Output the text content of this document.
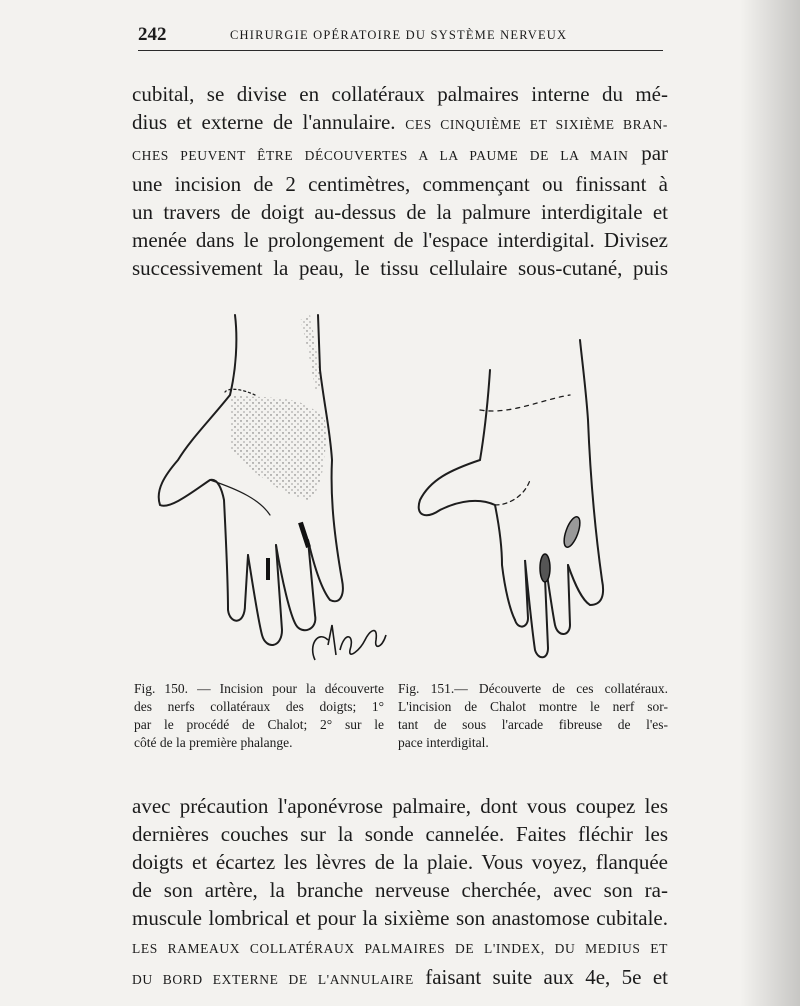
242	CHIRURGIE OPÉRATOIRE DU SYSTÈME NERVEUX
cubital, se divise en collatéraux palmaires interne du mé-
dius et externe de l'annulaire. CES CINQUIÈME ET SIXIÈME BRAN-
CHES PEUVENT ÊTRE DÉCOUVERTES A LA PAUME DE LA MAIN par
une incision de 2 centimètres, commençant ou finissant à
un travers de doigt au-dessus de la palmure interdigitale et
menée dans le prolongement de l'espace interdigital. Divisez
successivement la peau, le tissu cellulaire sous-cutané, puis
Fig. 150. — Incision pour la découverte
des nerfs collatéraux des doigts; 1°
par le procédé de Chalot; 2° sur le
côté de la première phalange.
Fig. 151.— Découverte de ces collatéraux.
L'incision de Chalot montre le nerf sor-
tant de sous l'arcade fibreuse de l'es-
pace interdigital.
avec précaution l'aponévrose palmaire, dont vous coupez les
dernières couches sur la sonde cannelée. Faites fléchir les
doigts et écartez les lèvres de la plaie. Vous voyez, flanquée
de son artère, la branche nerveuse cherchée, avec son ra-
muscule lombrical et pour la sixième son anastomose cubitale.
LES RAMEAUX COLLATÉRAUX PALMAIRES DE L'INDEX, DU MEDIUS ET
DU BORD EXTERNE DE L'ANNULAIRE faisant suite aux 4e, 5e et
